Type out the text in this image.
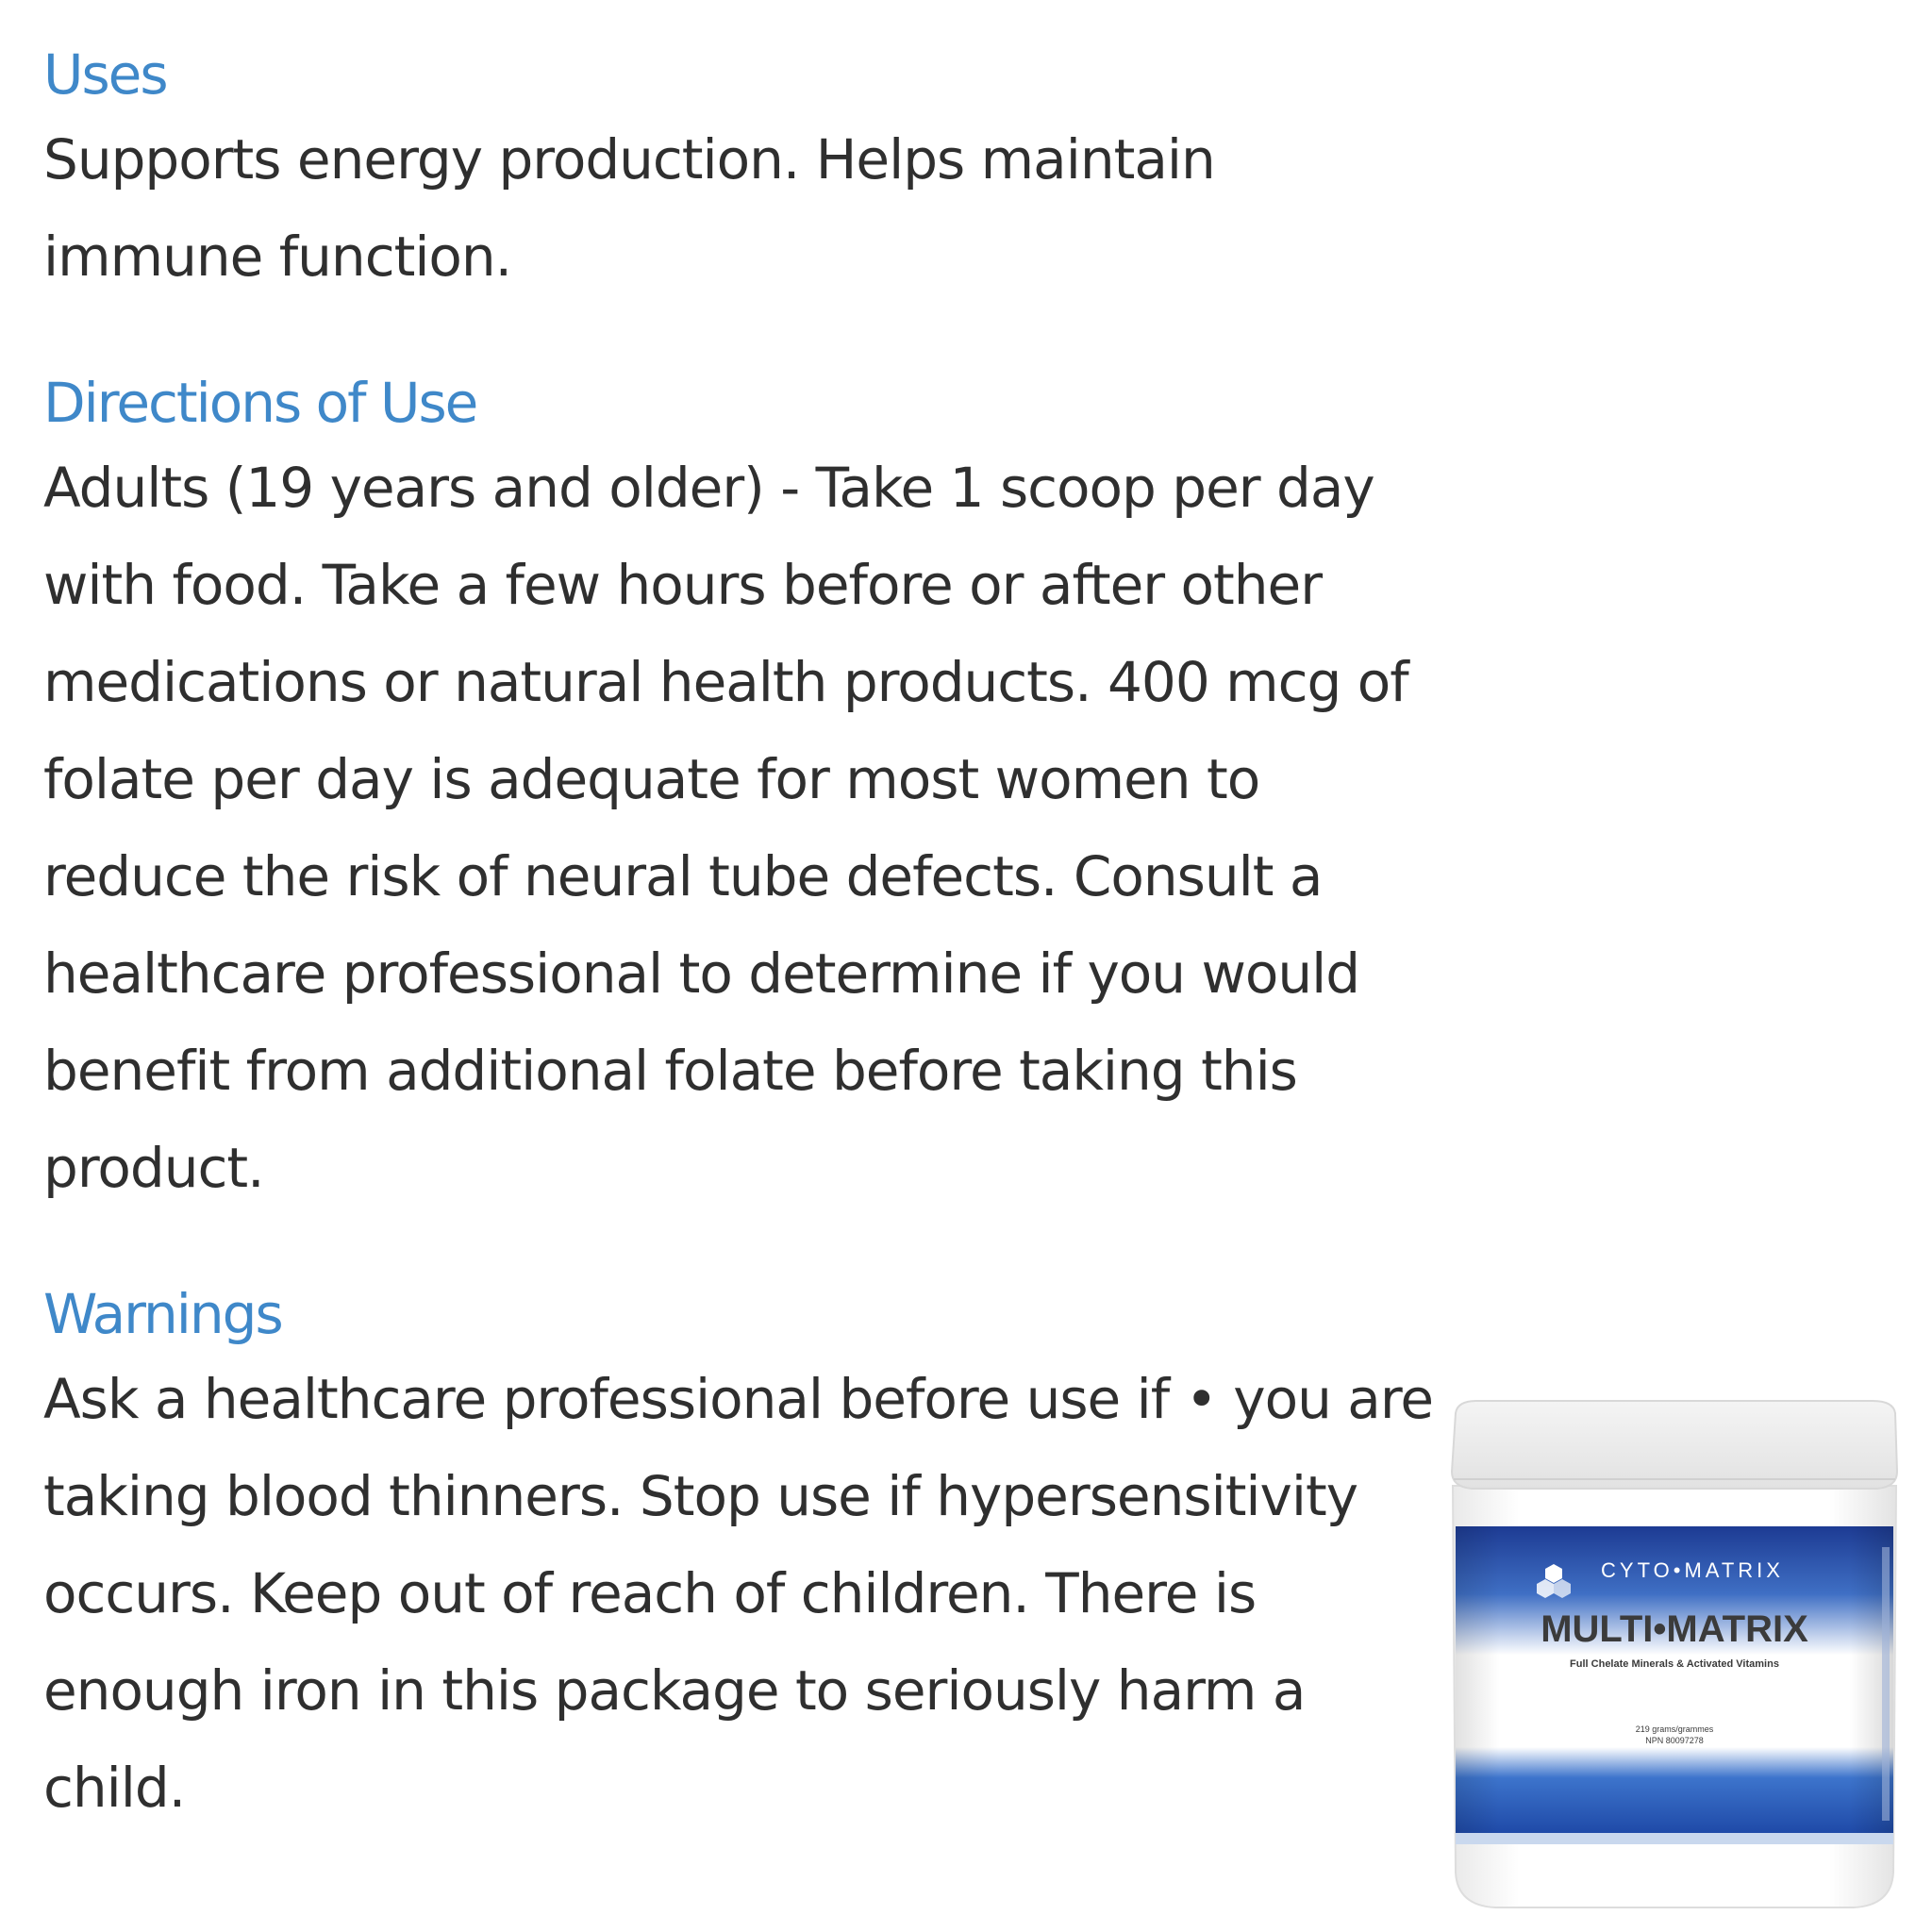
Uses

Supports energy production. Helps maintain immune function.

Directions of Use

Adults (19 years and older) - Take 1 scoop per day with food. Take a few hours before or after other medications or natural health products. 400 mcg of folate per day is adequate for most women to reduce the risk of neural tube defects. Consult a healthcare professional to determine if you would benefit from additional folate before taking this product.

Warnings

Ask a healthcare professional before use if • you are taking blood thinners. Stop use if hypersensitivity occurs. Keep out of reach of children. There is enough iron in this package to seriously harm a child.

CYTO•MATRIX
MULTI•MATRIX
Full Chelate Minerals & Activated Vitamins
219 grams/grammes
NPN 80097278
